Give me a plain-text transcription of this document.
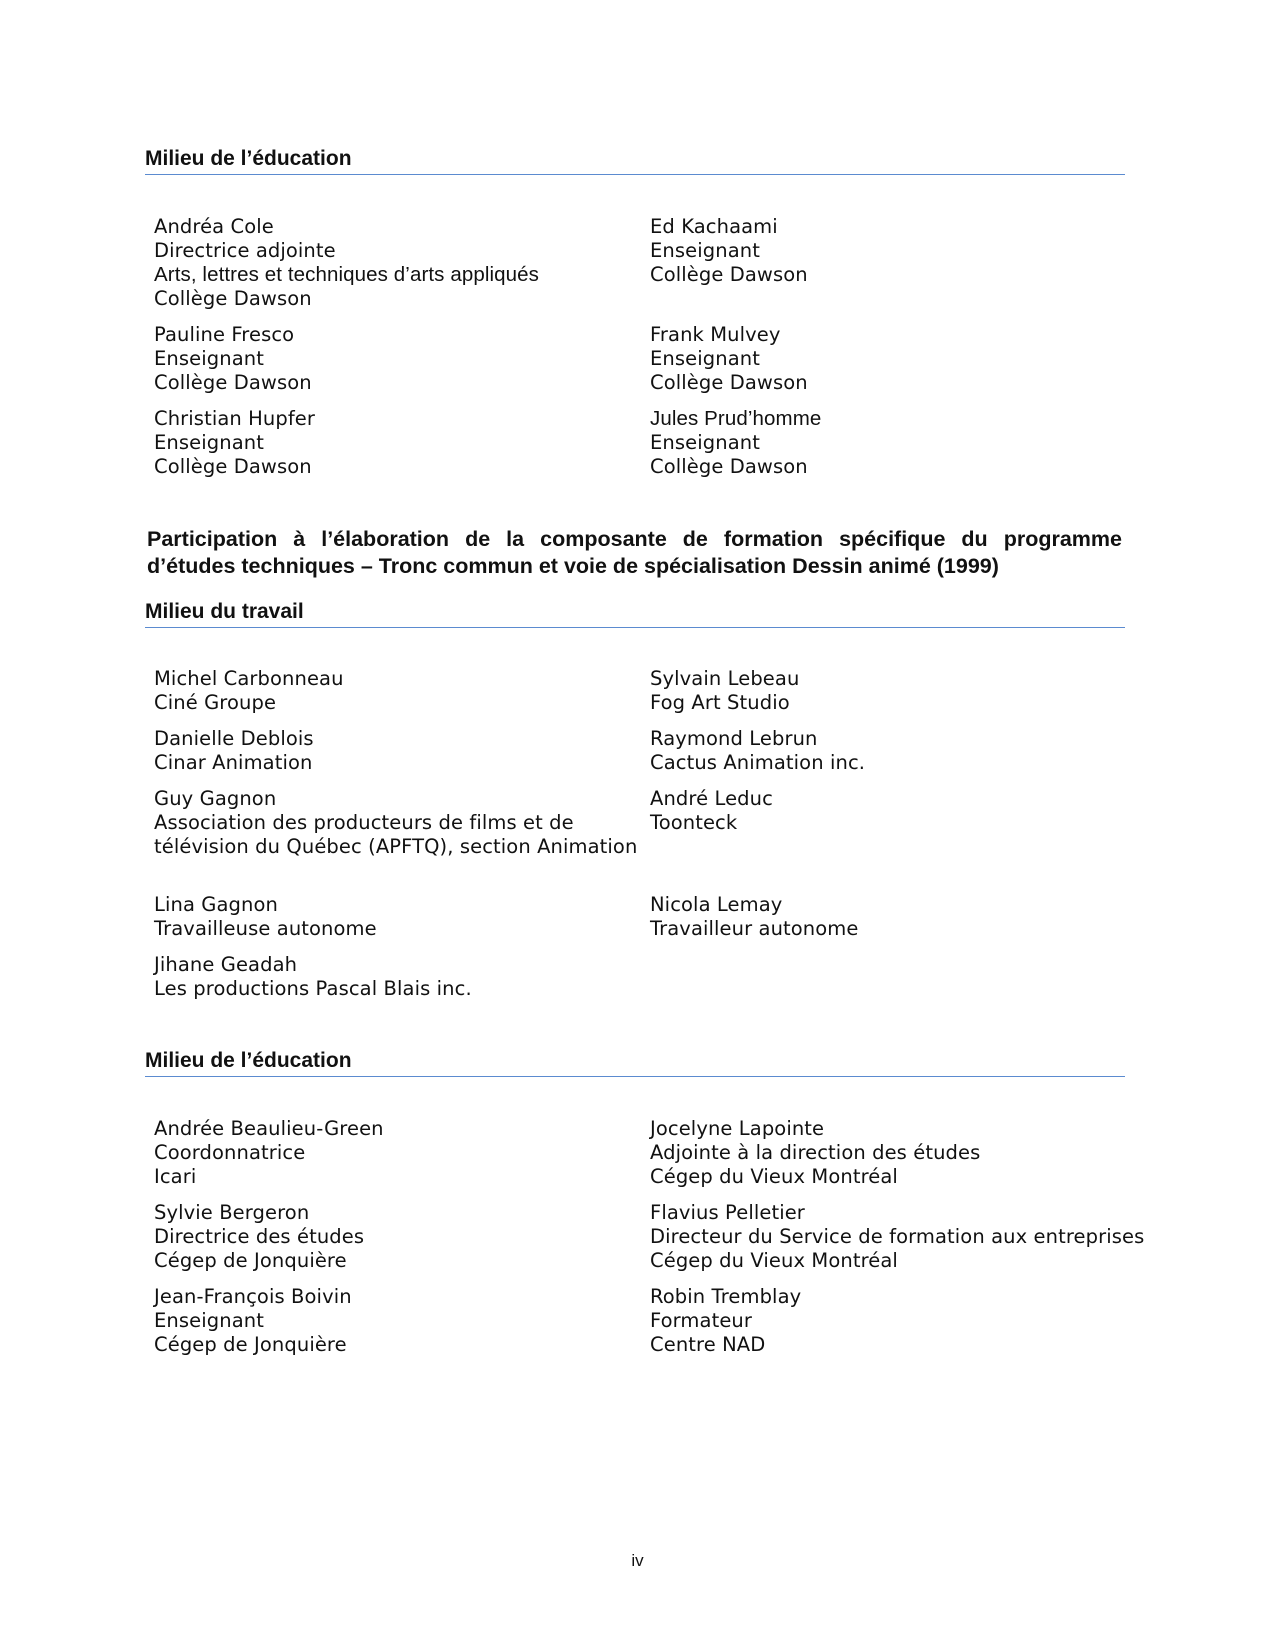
Milieu de l’éducation
Andréa Cole
Directrice adjointe
Arts, lettres et techniques d’arts appliqués
Collège Dawson
Ed Kachaami
Enseignant
Collège Dawson
Pauline Fresco
Enseignant
Collège Dawson
Frank Mulvey
Enseignant
Collège Dawson
Christian Hupfer
Enseignant
Collège Dawson
Jules Prud’homme
Enseignant
Collège Dawson
Participation à l’élaboration de la composante de formation spécifique du programme
d’études techniques – Tronc commun et voie de spécialisation Dessin animé (1999)
Milieu du travail
Michel Carbonneau
Ciné Groupe
Sylvain Lebeau
Fog Art Studio
Danielle Deblois
Cinar Animation
Raymond Lebrun
Cactus Animation inc.
Guy Gagnon
Association des producteurs de films et de
télévision du Québec (APFTQ), section Animation
André Leduc
Toonteck
Lina Gagnon
Travailleuse autonome
Nicola Lemay
Travailleur autonome
Jihane Geadah
Les productions Pascal Blais inc.
Milieu de l’éducation
Andrée Beaulieu-Green
Coordonnatrice
Icari
Jocelyne Lapointe
Adjointe à la direction des études
Cégep du Vieux Montréal
Sylvie Bergeron
Directrice des études
Cégep de Jonquière
Flavius Pelletier
Directeur du Service de formation aux entreprises
Cégep du Vieux Montréal
Jean-François Boivin
Enseignant
Cégep de Jonquière
Robin Tremblay
Formateur
Centre NAD
iv
